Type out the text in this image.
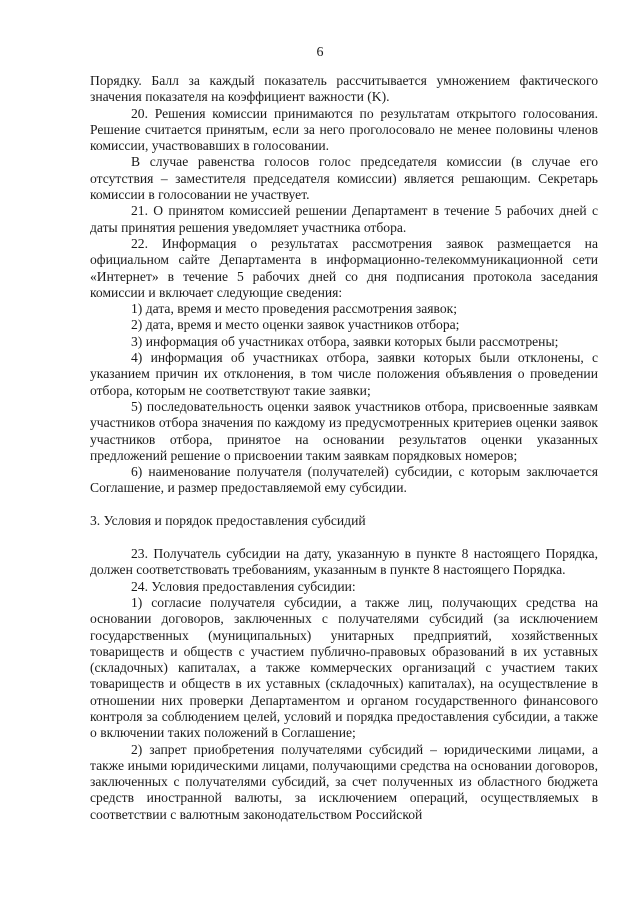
6

Порядку. Балл за каждый показатель рассчитывается умножением фактического значения показателя на коэффициент важности (K).

20. Решения комиссии принимаются по результатам открытого голосования. Решение считается принятым, если за него проголосовало не менее половины членов комиссии, участвовавших в голосовании.

В случае равенства голосов голос председателя комиссии (в случае его отсутствия – заместителя председателя комиссии) является решающим. Секретарь комиссии в голосовании не участвует.

21. О принятом комиссией решении Департамент в течение 5 рабочих дней с даты принятия решения уведомляет участника отбора.

22. Информация о результатах рассмотрения заявок размещается на официальном сайте Департамента в информационно-телекоммуникационной сети «Интернет» в течение 5 рабочих дней со дня подписания протокола заседания комиссии и включает следующие сведения:

1) дата, время и место проведения рассмотрения заявок;

2) дата, время и место оценки заявок участников отбора;

3) информация об участниках отбора, заявки которых были рассмотрены;

4) информация об участниках отбора, заявки которых были отклонены, с указанием причин их отклонения, в том числе положения объявления о проведении отбора, которым не соответствуют такие заявки;

5) последовательность оценки заявок участников отбора, присвоенные заявкам участников отбора значения по каждому из предусмотренных критериев оценки заявок участников отбора, принятое на основании результатов оценки указанных предложений решение о присвоении таким заявкам порядковых номеров;

6) наименование получателя (получателей) субсидии, с которым заключается Соглашение, и размер предоставляемой ему субсидии.

3. Условия и порядок предоставления субсидий

23. Получатель субсидии на дату, указанную в пункте 8 настоящего Порядка, должен соответствовать требованиям, указанным в пункте 8 настоящего Порядка.

24. Условия предоставления субсидии:

1) согласие получателя субсидии, а также лиц, получающих средства на основании договоров, заключенных с получателями субсидий (за исключением государственных (муниципальных) унитарных предприятий, хозяйственных товариществ и обществ с участием публично-правовых образований в их уставных (складочных) капиталах, а также коммерческих организаций с участием таких товариществ и обществ в их уставных (складочных) капиталах), на осуществление в отношении них проверки Департаментом и органом государственного финансового контроля за соблюдением целей, условий и порядка предоставления субсидии, а также о включении таких положений в Соглашение;

2) запрет приобретения получателями субсидий – юридическими лицами, а также иными юридическими лицами, получающими средства на основании договоров, заключенных с получателями субсидий, за счет полученных из областного бюджета средств иностранной валюты, за исключением операций, осуществляемых в соответствии с валютным законодательством Российской
